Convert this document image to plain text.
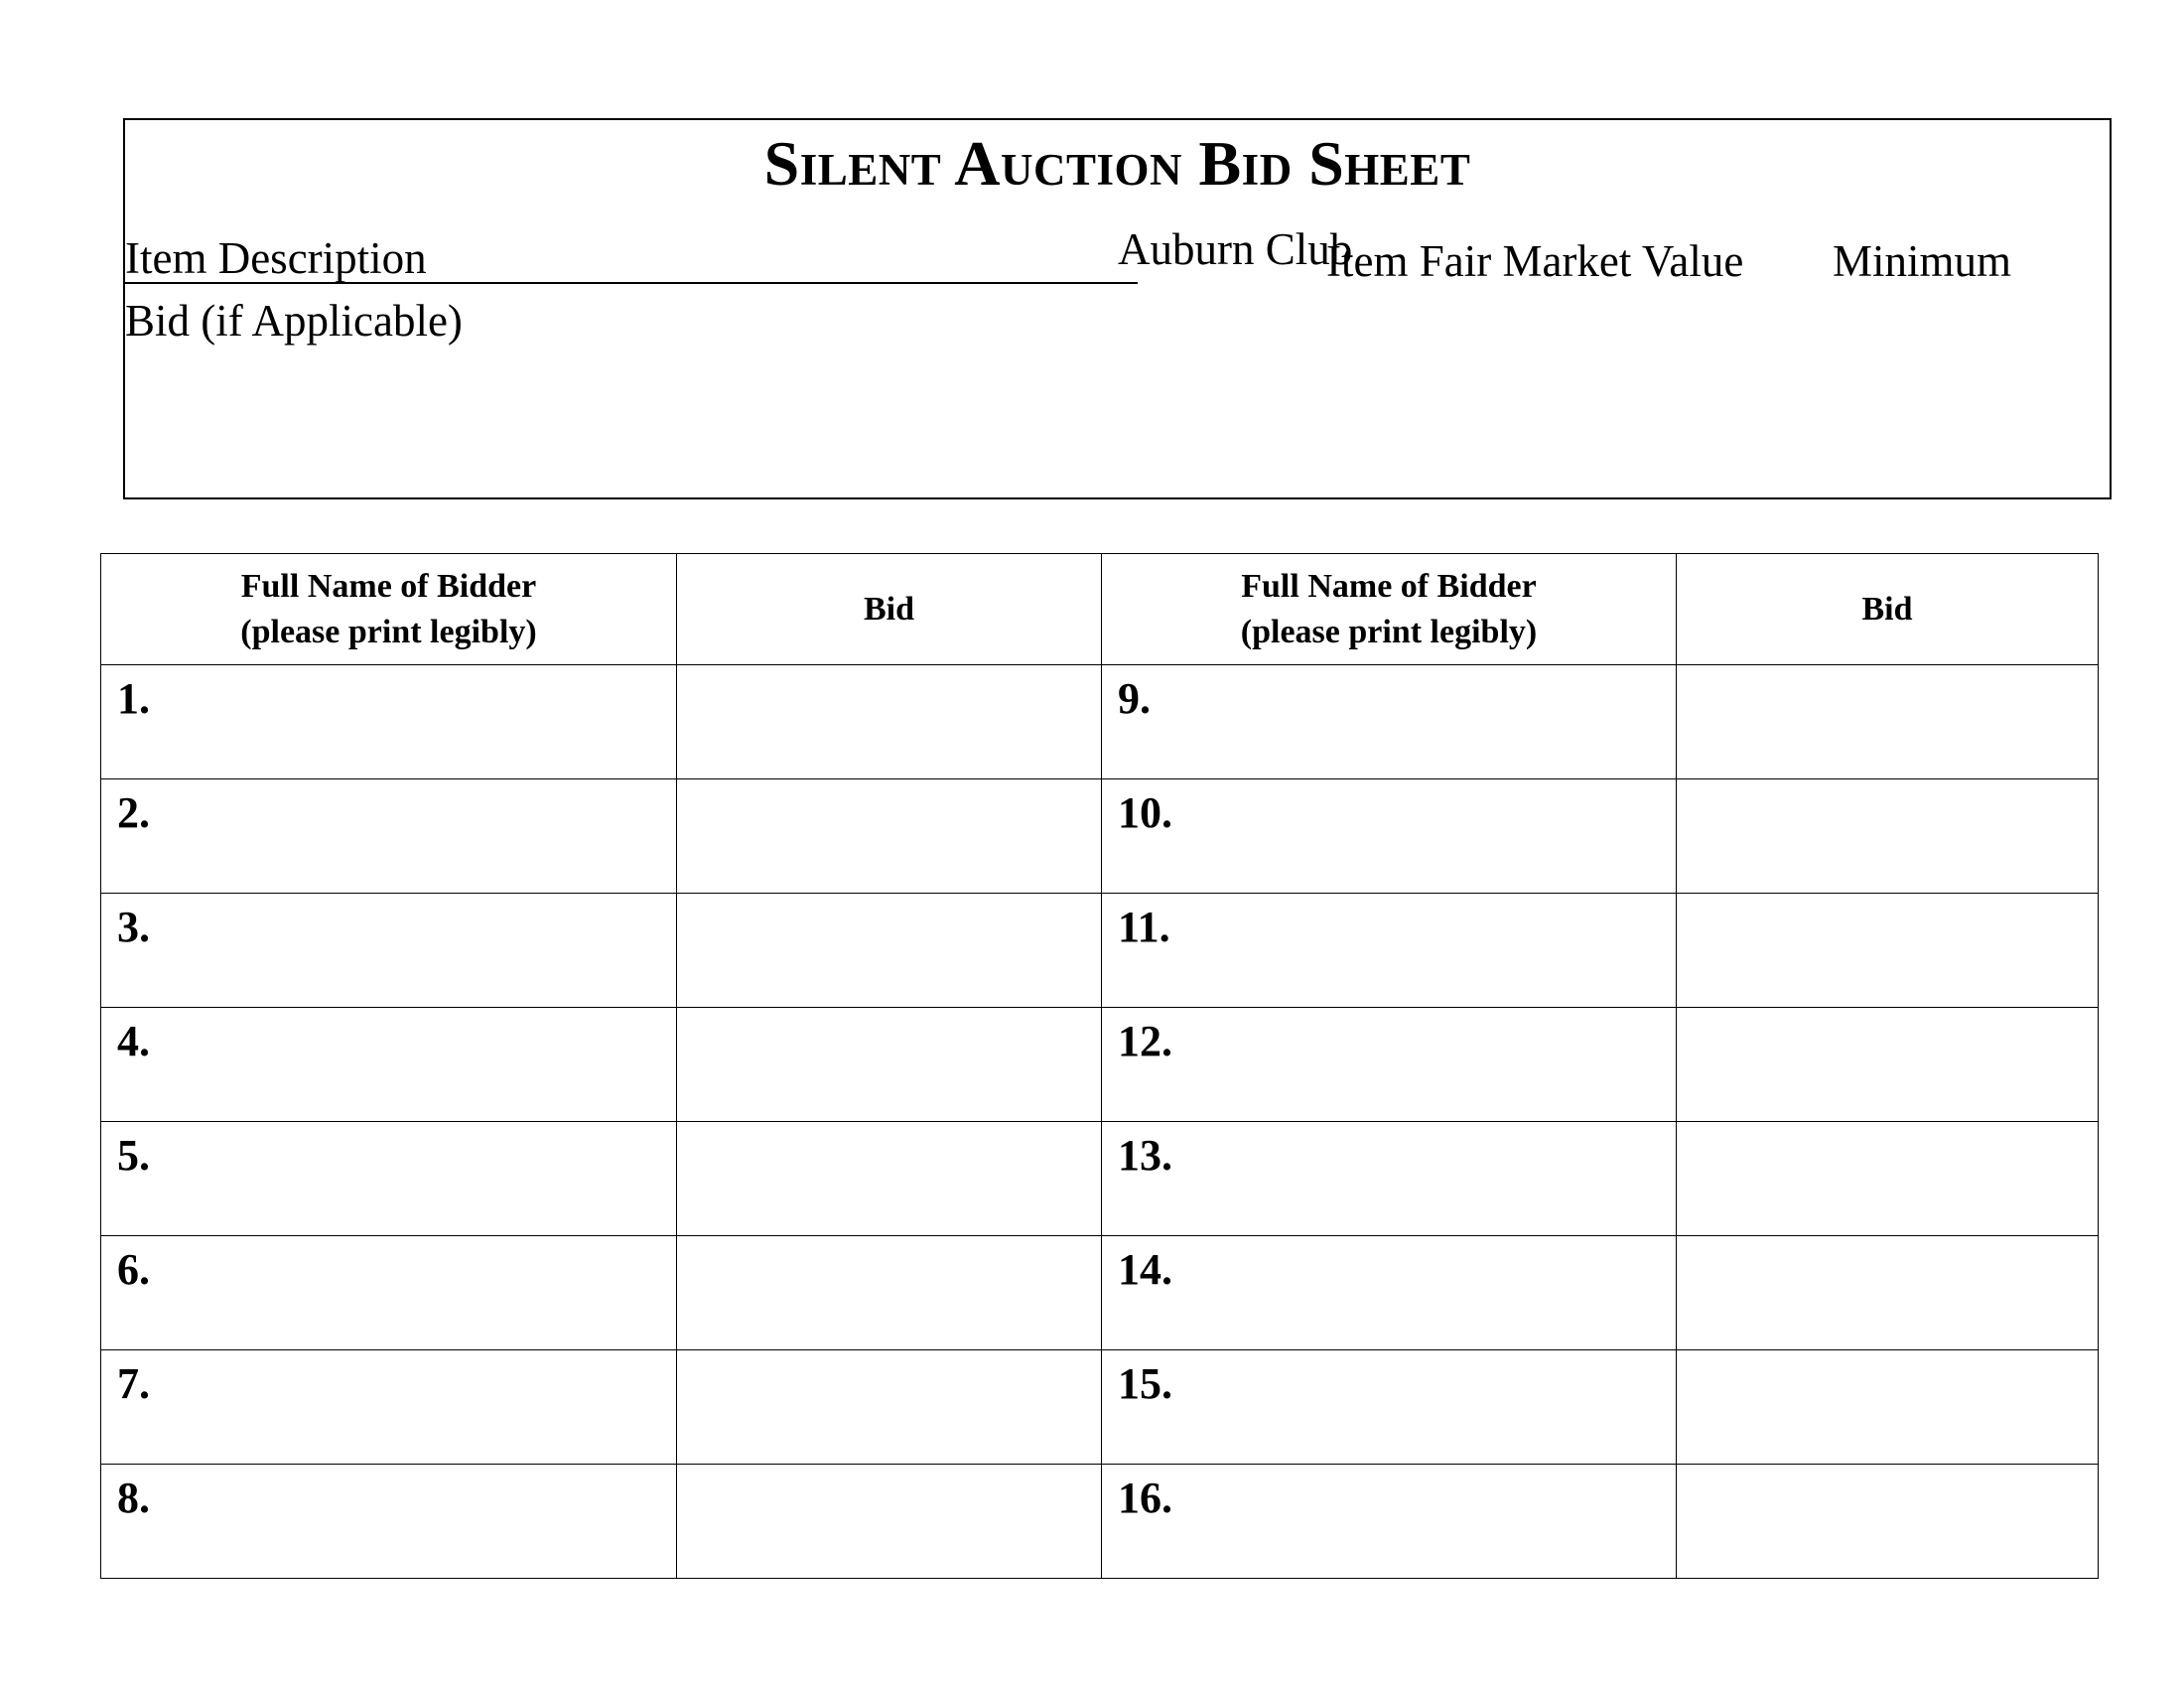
Silent Auction Bid Sheet
Item Description	Auburn Club
Item Fair Market Value Minimum
Bid (if Applicable)
Full Name of Bidder
(please print legibly)	Bid	Full Name of Bidder
(please print legibly)	Bid

1.		9.	
2.		10.	
3.		11.	
4.		12.	
5.		13.	
6.		14.	
7.		15.	
8.		16.	
